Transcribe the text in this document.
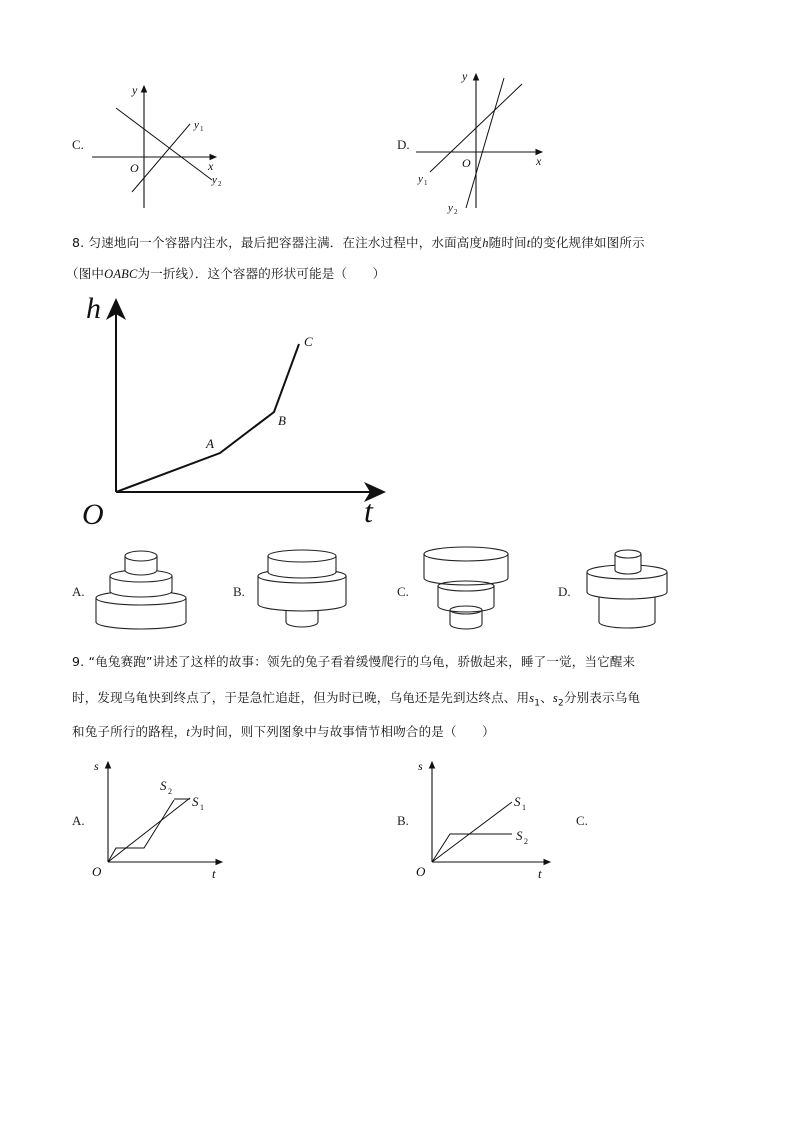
C.
y
x
O
y 1
y 2
D.
y
x
O
y 1
y 2
8. 匀速地向一个容器内注水，最后把容器注满．在注水过程中，水面高度h随时间t的变化规律如图所示
（图中OABC为一折线）．这个容器的形状可能是（　　）
h
t
O
A
B
C
A.	B.	C.	D.
9. “龟兔赛跑”讲述了这样的故事：领先的兔子看着缓慢爬行的乌龟，骄傲起来，睡了一觉，当它醒来
时，发现乌龟快到终点了，于是急忙追赶，但为时已晚，乌龟还是先到达终点、用$s_1$、$s_2$分别表示乌龟
和兔子所行的路程，t为时间，则下列图象中与故事情节相吻合的是（　　）
A.
s
t
O
S 2
S 1
B.
s
t
O
S 1
S 2
C.
